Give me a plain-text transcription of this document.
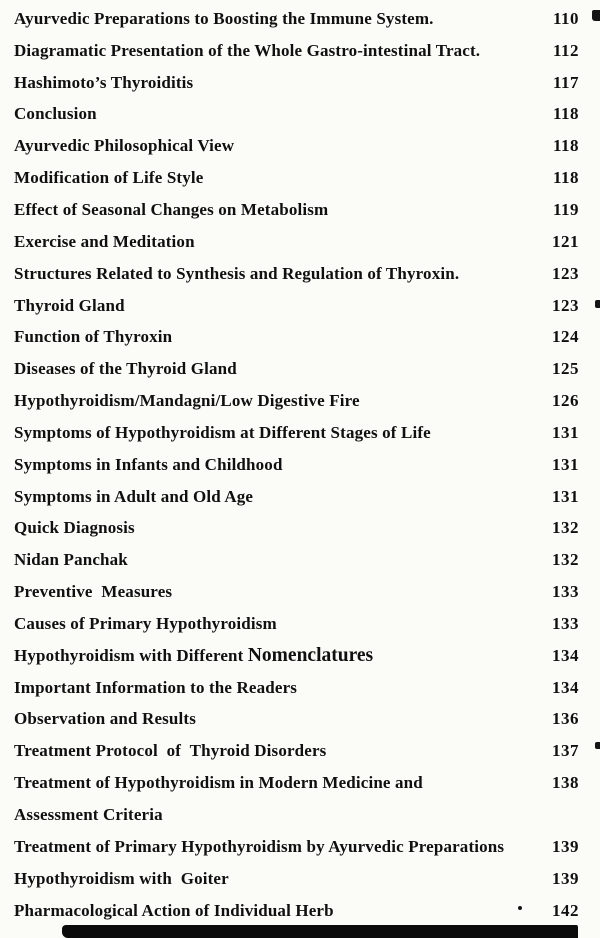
Ayurvedic Preparations to Boosting the Immune System.	110
Diagramatic Presentation of the Whole Gastro-intestinal Tract.	112
Hashimoto’s Thyroiditis	117
Conclusion	118
Ayurvedic Philosophical View	118
Modification of Life Style	118
Effect of Seasonal Changes on Metabolism	119
Exercise and Meditation	121
Structures Related to Synthesis and Regulation of Thyroxin.	123
Thyroid Gland	123
Function of Thyroxin	124
Diseases of the Thyroid Gland	125
Hypothyroidism/Mandagni/Low Digestive Fire	126
Symptoms of Hypothyroidism at Different Stages of Life	131
Symptoms in Infants and Childhood	131
Symptoms in Adult and Old Age	131
Quick Diagnosis	132
Nidan Panchak	132
Preventive  Measures	133
Causes of Primary Hypothyroidism	133
Hypothyroidism with Different Nomenclatures	134
Important Information to the Readers	134
Observation and Results	136
Treatment Protocol  of  Thyroid Disorders	137
Treatment of Hypothyroidism in Modern Medicine and	138
Assessment Criteria
Treatment of Primary Hypothyroidism by Ayurvedic Preparations	139
Hypothyroidism with  Goiter	139
Pharmacological Action of Individual Herb	142
